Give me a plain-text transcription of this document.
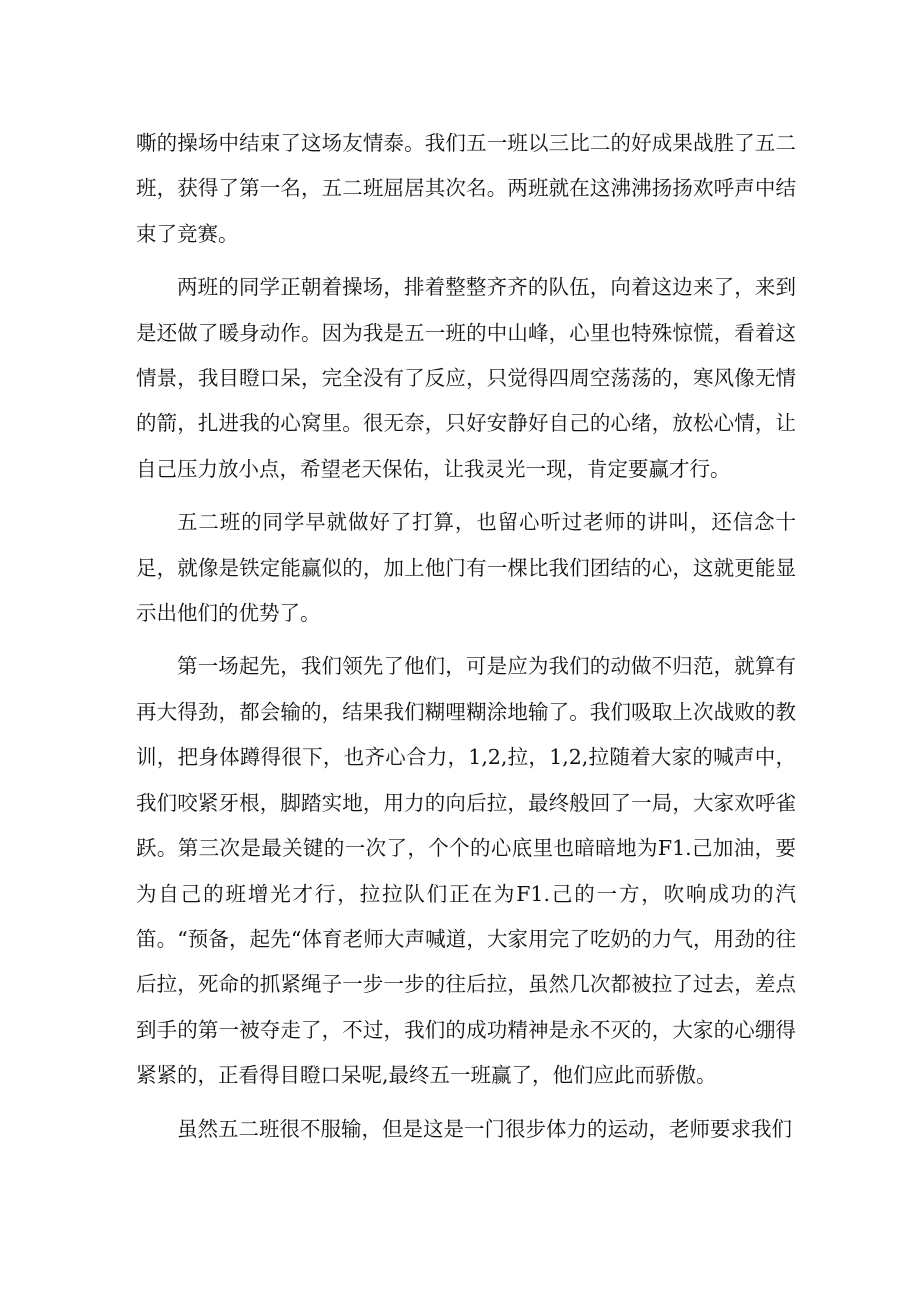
嘶的操场中结束了这场友情泰。我们五一班以三比二的好成果战胜了五二班，获得了第一名，五二班屈居其次名。两班就在这沸沸扬扬欢呼声中结束了竞赛。

两班的同学正朝着操场，排着整整齐齐的队伍，向着这边来了，来到是还做了暖身动作。因为我是五一班的中山峰，心里也特殊惊慌，看着这情景，我目瞪口呆，完全没有了反应，只觉得四周空荡荡的，寒风像无情的箭，扎进我的心窝里。很无奈，只好安静好自己的心绪，放松心情，让自己压力放小点，希望老天保佑，让我灵光一现，肯定要赢才行。

五二班的同学早就做好了打算，也留心听过老师的讲叫，还信念十足，就像是铁定能赢似的，加上他门有一棵比我们团结的心，这就更能显示出他们的优势了。

第一场起先，我们领先了他们，可是应为我们的动做不归范，就算有再大得劲，都会输的，结果我们糊哩糊涂地输了。我们吸取上次战败的教训，把身体蹲得很下，也齐心合力，1,2,拉，1,2,拉随着大家的喊声中，我们咬紧牙根，脚踏实地，用力的向后拉，最终般回了一局，大家欢呼雀跃。第三次是最关键的一次了，个个的心底里也暗暗地为F1.己加油，要为自己的班增光才行，拉拉队们正在为F1.己的一方，吹响成功的汽笛。“预备，起先“体育老师大声喊道，大家用完了吃奶的力气，用劲的往后拉，死命的抓紧绳子一步一步的往后拉，虽然几次都被拉了过去，差点到手的第一被夺走了，不过，我们的成功精神是永不灭的，大家的心绷得紧紧的，正看得目瞪口呆呢,最终五一班赢了，他们应此而骄傲。

虽然五二班很不服输，但是这是一门很步体力的运动，老师要求我们
